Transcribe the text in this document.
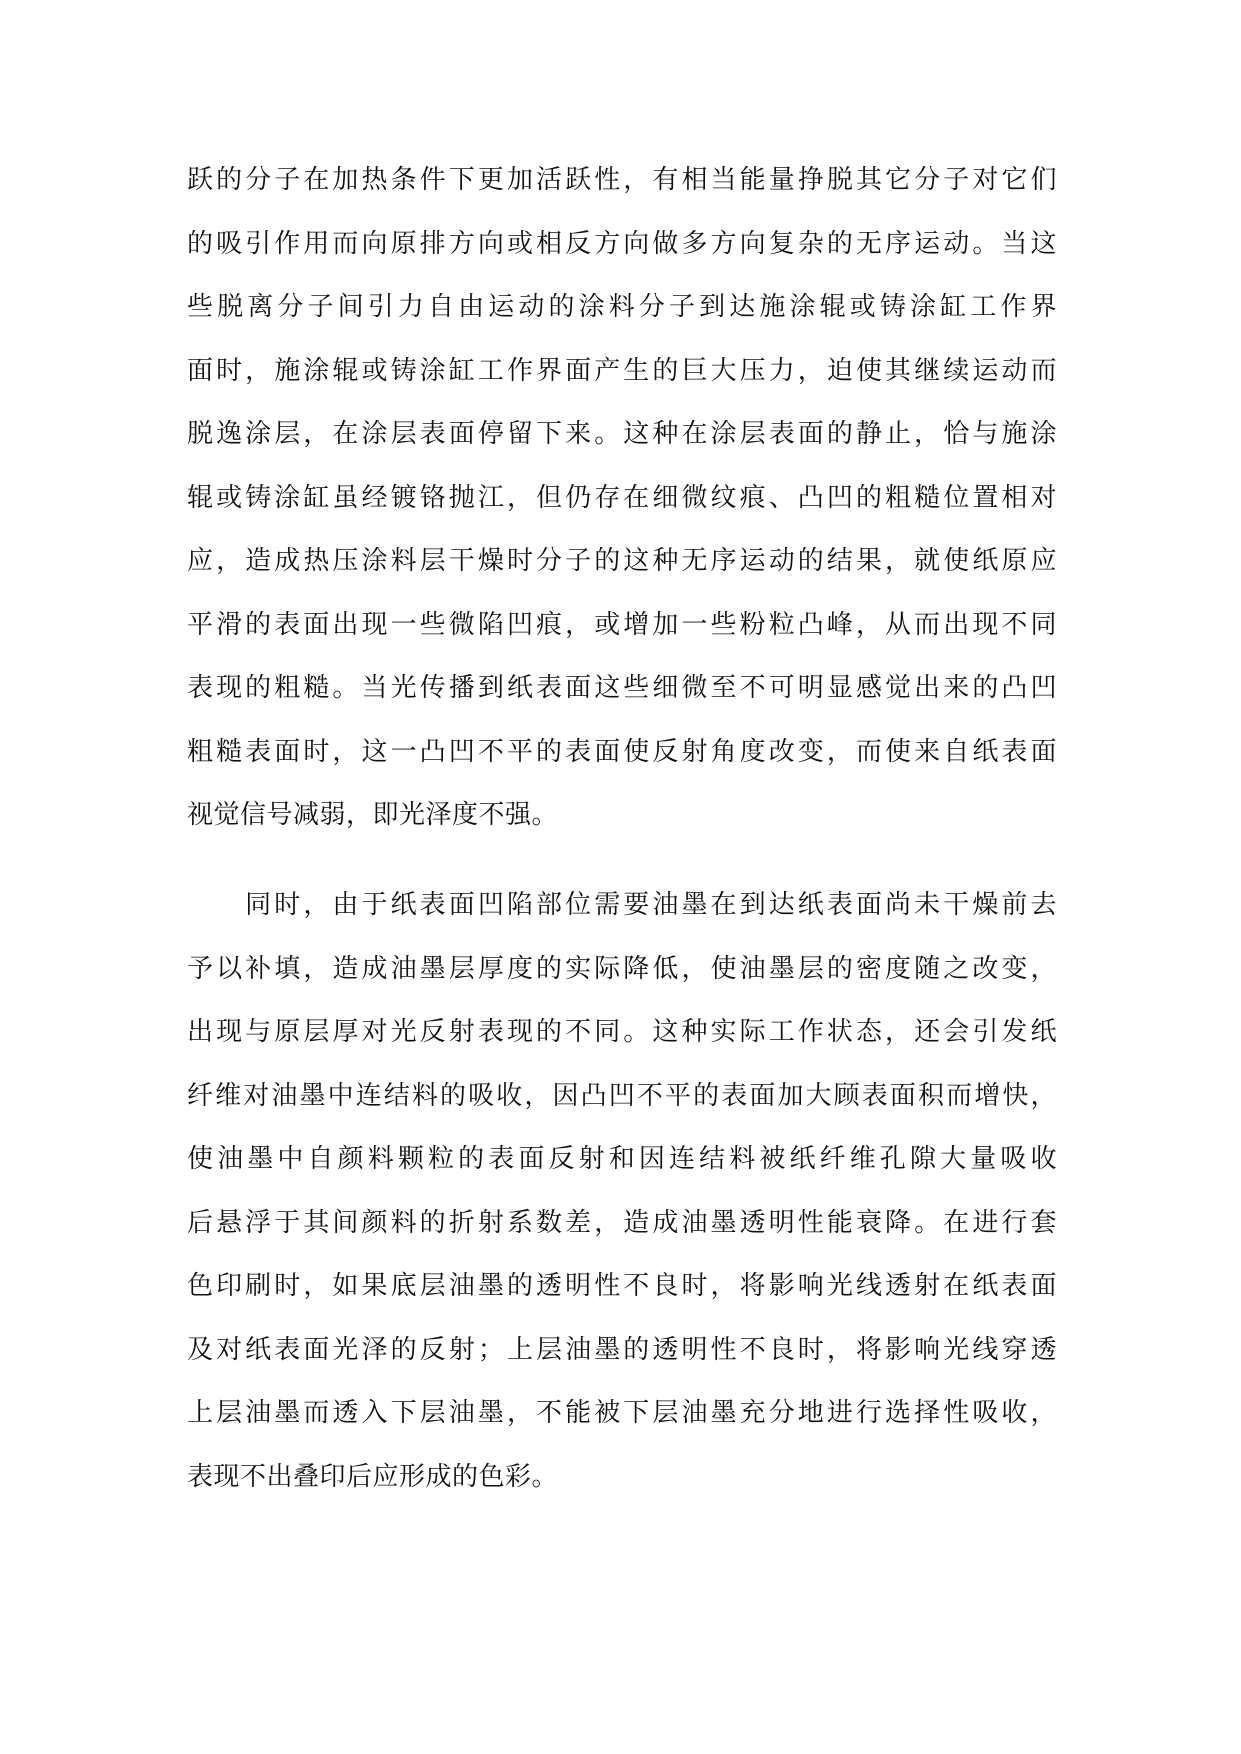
跃的分子在加热条件下更加活跃性，有相当能量挣脱其它分子对它们
的吸引作用而向原排方向或相反方向做多方向复杂的无序运动。当这
些脱离分子间引力自由运动的涂料分子到达施涂辊或铸涂缸工作界
面时，施涂辊或铸涂缸工作界面产生的巨大压力，迫使其继续运动而
脱逸涂层，在涂层表面停留下来。这种在涂层表面的静止，恰与施涂
辊或铸涂缸虽经镀铬抛江，但仍存在细微纹痕、凸凹的粗糙位置相对
应，造成热压涂料层干燥时分子的这种无序运动的结果，就使纸原应
平滑的表面出现一些微陷凹痕，或增加一些粉粒凸峰，从而出现不同
表现的粗糙。当光传播到纸表面这些细微至不可明显感觉出来的凸凹
粗糙表面时，这一凸凹不平的表面使反射角度改变，而使来自纸表面
视觉信号减弱，即光泽度不强。
　　同时，由于纸表面凹陷部位需要油墨在到达纸表面尚未干燥前去
予以补填，造成油墨层厚度的实际降低，使油墨层的密度随之改变，
出现与原层厚对光反射表现的不同。这种实际工作状态，还会引发纸
纤维对油墨中连结料的吸收，因凸凹不平的表面加大顾表面积而增快，
使油墨中自颜料颗粒的表面反射和因连结料被纸纤维孔隙大量吸收
后悬浮于其间颜料的折射系数差，造成油墨透明性能衰降。在进行套
色印刷时，如果底层油墨的透明性不良时，将影响光线透射在纸表面
及对纸表面光泽的反射；上层油墨的透明性不良时，将影响光线穿透
上层油墨而透入下层油墨，不能被下层油墨充分地进行选择性吸收，
表现不出叠印后应形成的色彩。
